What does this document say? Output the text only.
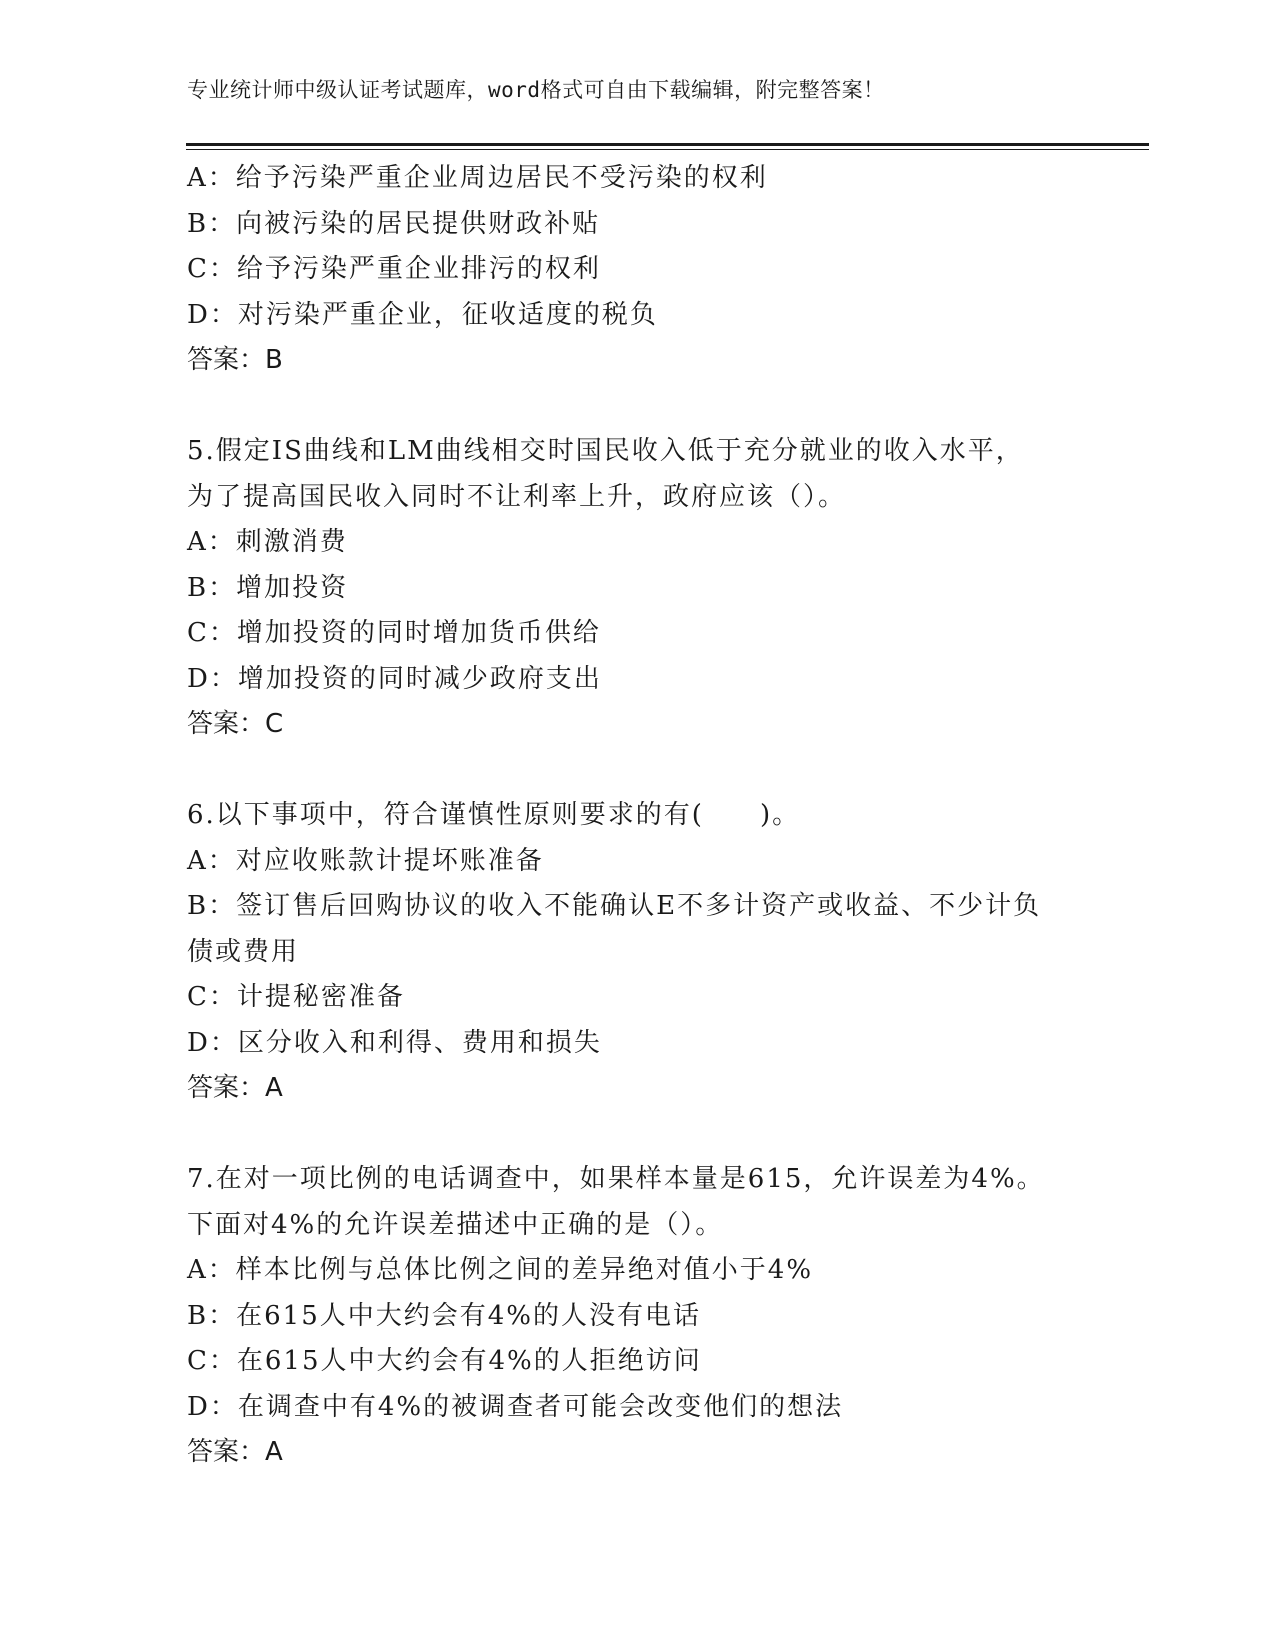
专业统计师中级认证考试题库，word格式可自由下载编辑，附完整答案！
A：给予污染严重企业周边居民不受污染的权利
B：向被污染的居民提供财政补贴
C：给予污染严重企业排污的权利
D：对污染严重企业，征收适度的税负
答案：B
5.假定IS曲线和LM曲线相交时国民收入低于充分就业的收入水平，
为了提高国民收入同时不让利率上升，政府应该（）。
A：刺激消费
B：增加投资
C：增加投资的同时增加货币供给
D：增加投资的同时减少政府支出
答案：C
6.以下事项中，符合谨慎性原则要求的有(　　)。
A：对应收账款计提坏账准备
B：签订售后回购协议的收入不能确认E不多计资产或收益、不少计负
债或费用
C：计提秘密准备
D：区分收入和利得、费用和损失
答案：A
7.在对一项比例的电话调查中，如果样本量是615，允许误差为4%。
下面对4%的允许误差描述中正确的是（）。
A：样本比例与总体比例之间的差异绝对值小于4%
B：在615人中大约会有4%的人没有电话
C：在615人中大约会有4%的人拒绝访问
D：在调查中有4%的被调查者可能会改变他们的想法
答案：A
